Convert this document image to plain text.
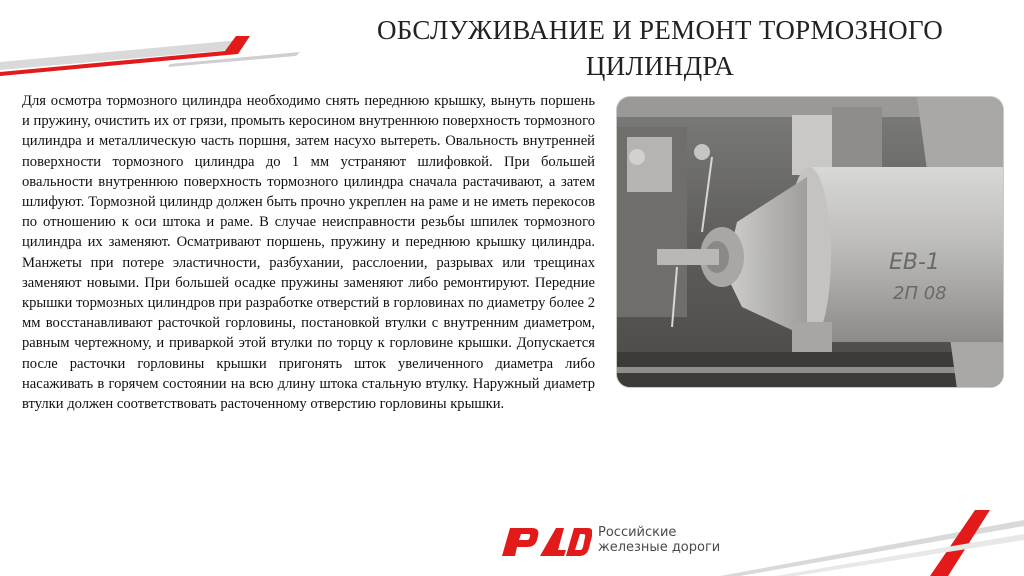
ОБСЛУЖИВАНИЕ И РЕМОНТ ТОРМОЗНОГО
ЦИЛИНДРА

Для осмотра тормозного цилиндра необходимо снять переднюю крышку, вынуть поршень и пружину, очистить их от грязи, промыть керосином внутреннюю поверхность тормозного цилиндра и металлическую часть поршня, затем насухо вытереть. Овальность внутренней поверхности тормозного цилиндра до 1 мм устраняют шлифовкой. При большей овальности внутреннюю поверхность тормозного цилиндра сначала растачивают, а затем шлифуют. Тормозной цилиндр должен быть прочно укреплен на раме и не иметь перекосов по отношению к оси штока и раме. В случае неисправности резьбы шпилек тормозного цилиндра их заменяют. Осматривают поршень, пружину и переднюю крышку цилиндра. Манжеты при потере эластичности, разбухании, расслоении, разрывах или трещинах заменяют новыми. При большей осадке пружины заменяют либо ремонтируют. Передние крышки тормозных цилиндров при разработке отверстий в горловинах по диаметру более 2 мм восстанавливают расточкой горловины, постановкой втулки с внутренним диаметром, равным чертежному, и приваркой этой втулки по торцу к горловине крышки. Допускается после расточки горловины крышки пригонять шток увеличенного диаметра либо насаживать в горячем состоянии на всю длину штока стальную втулку. Наружный диаметр втулки должен соответствовать расточенному отверстию горловины крышки.

ЕВ-1
2П 08
Российские
железные дороги
